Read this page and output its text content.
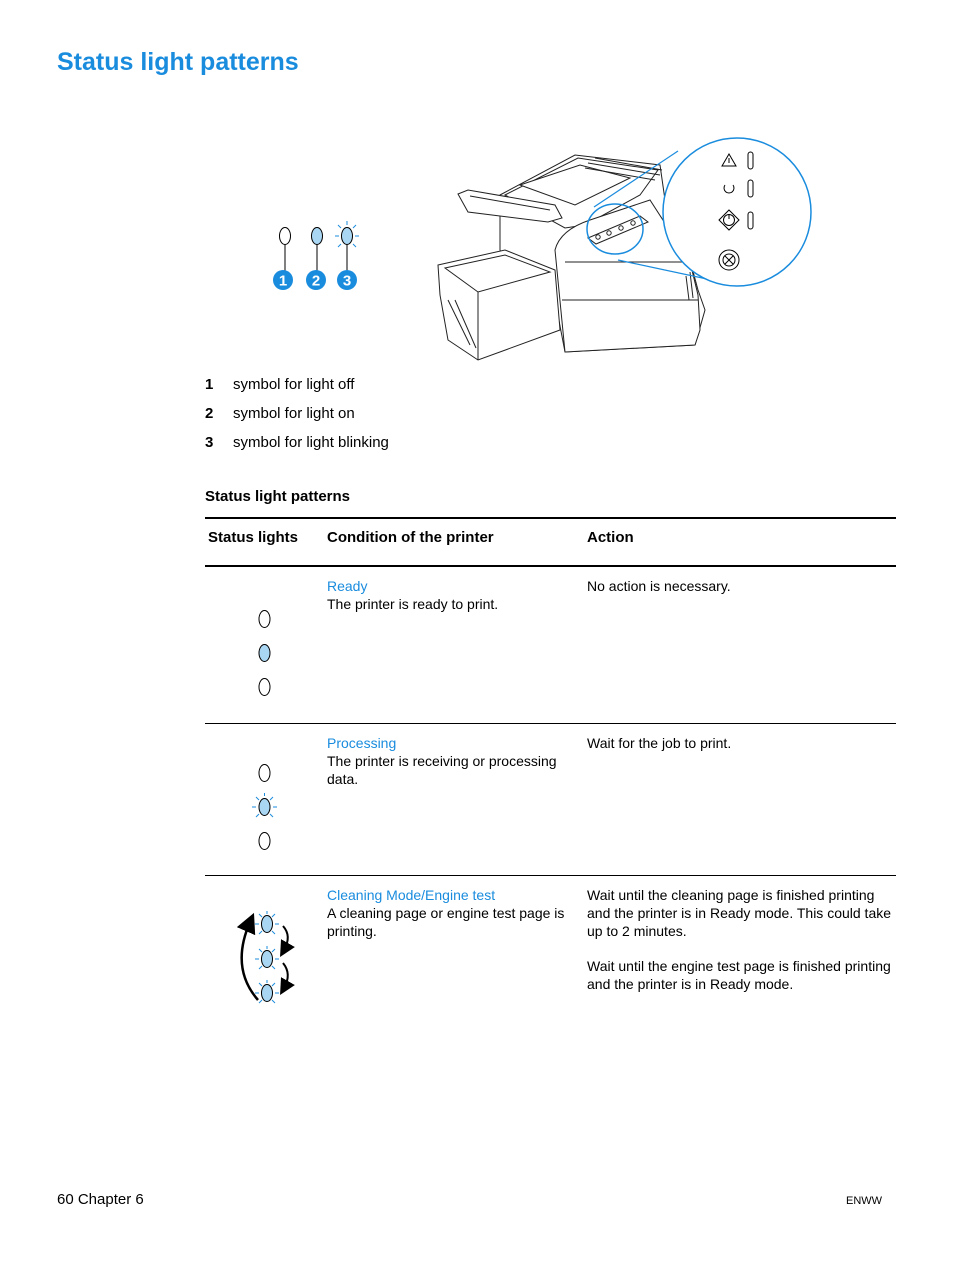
Status light patterns
1 2 3
1 symbol for light off
2 symbol for light on
3 symbol for light blinking
Status light patterns
Status lights Condition of the printer	Action
Ready
The printer is ready to print.
No action is necessary.
Processing
The printer is receiving or processing data.
Wait for the job to print.
Cleaning Mode/Engine test
A cleaning page or engine test page is printing.
Wait until the cleaning page is finished printing and the printer is in Ready mode. This could take up to 2 minutes.
Wait until the engine test page is finished printing and the printer is in Ready mode.
60 Chapter 6	ENWW
